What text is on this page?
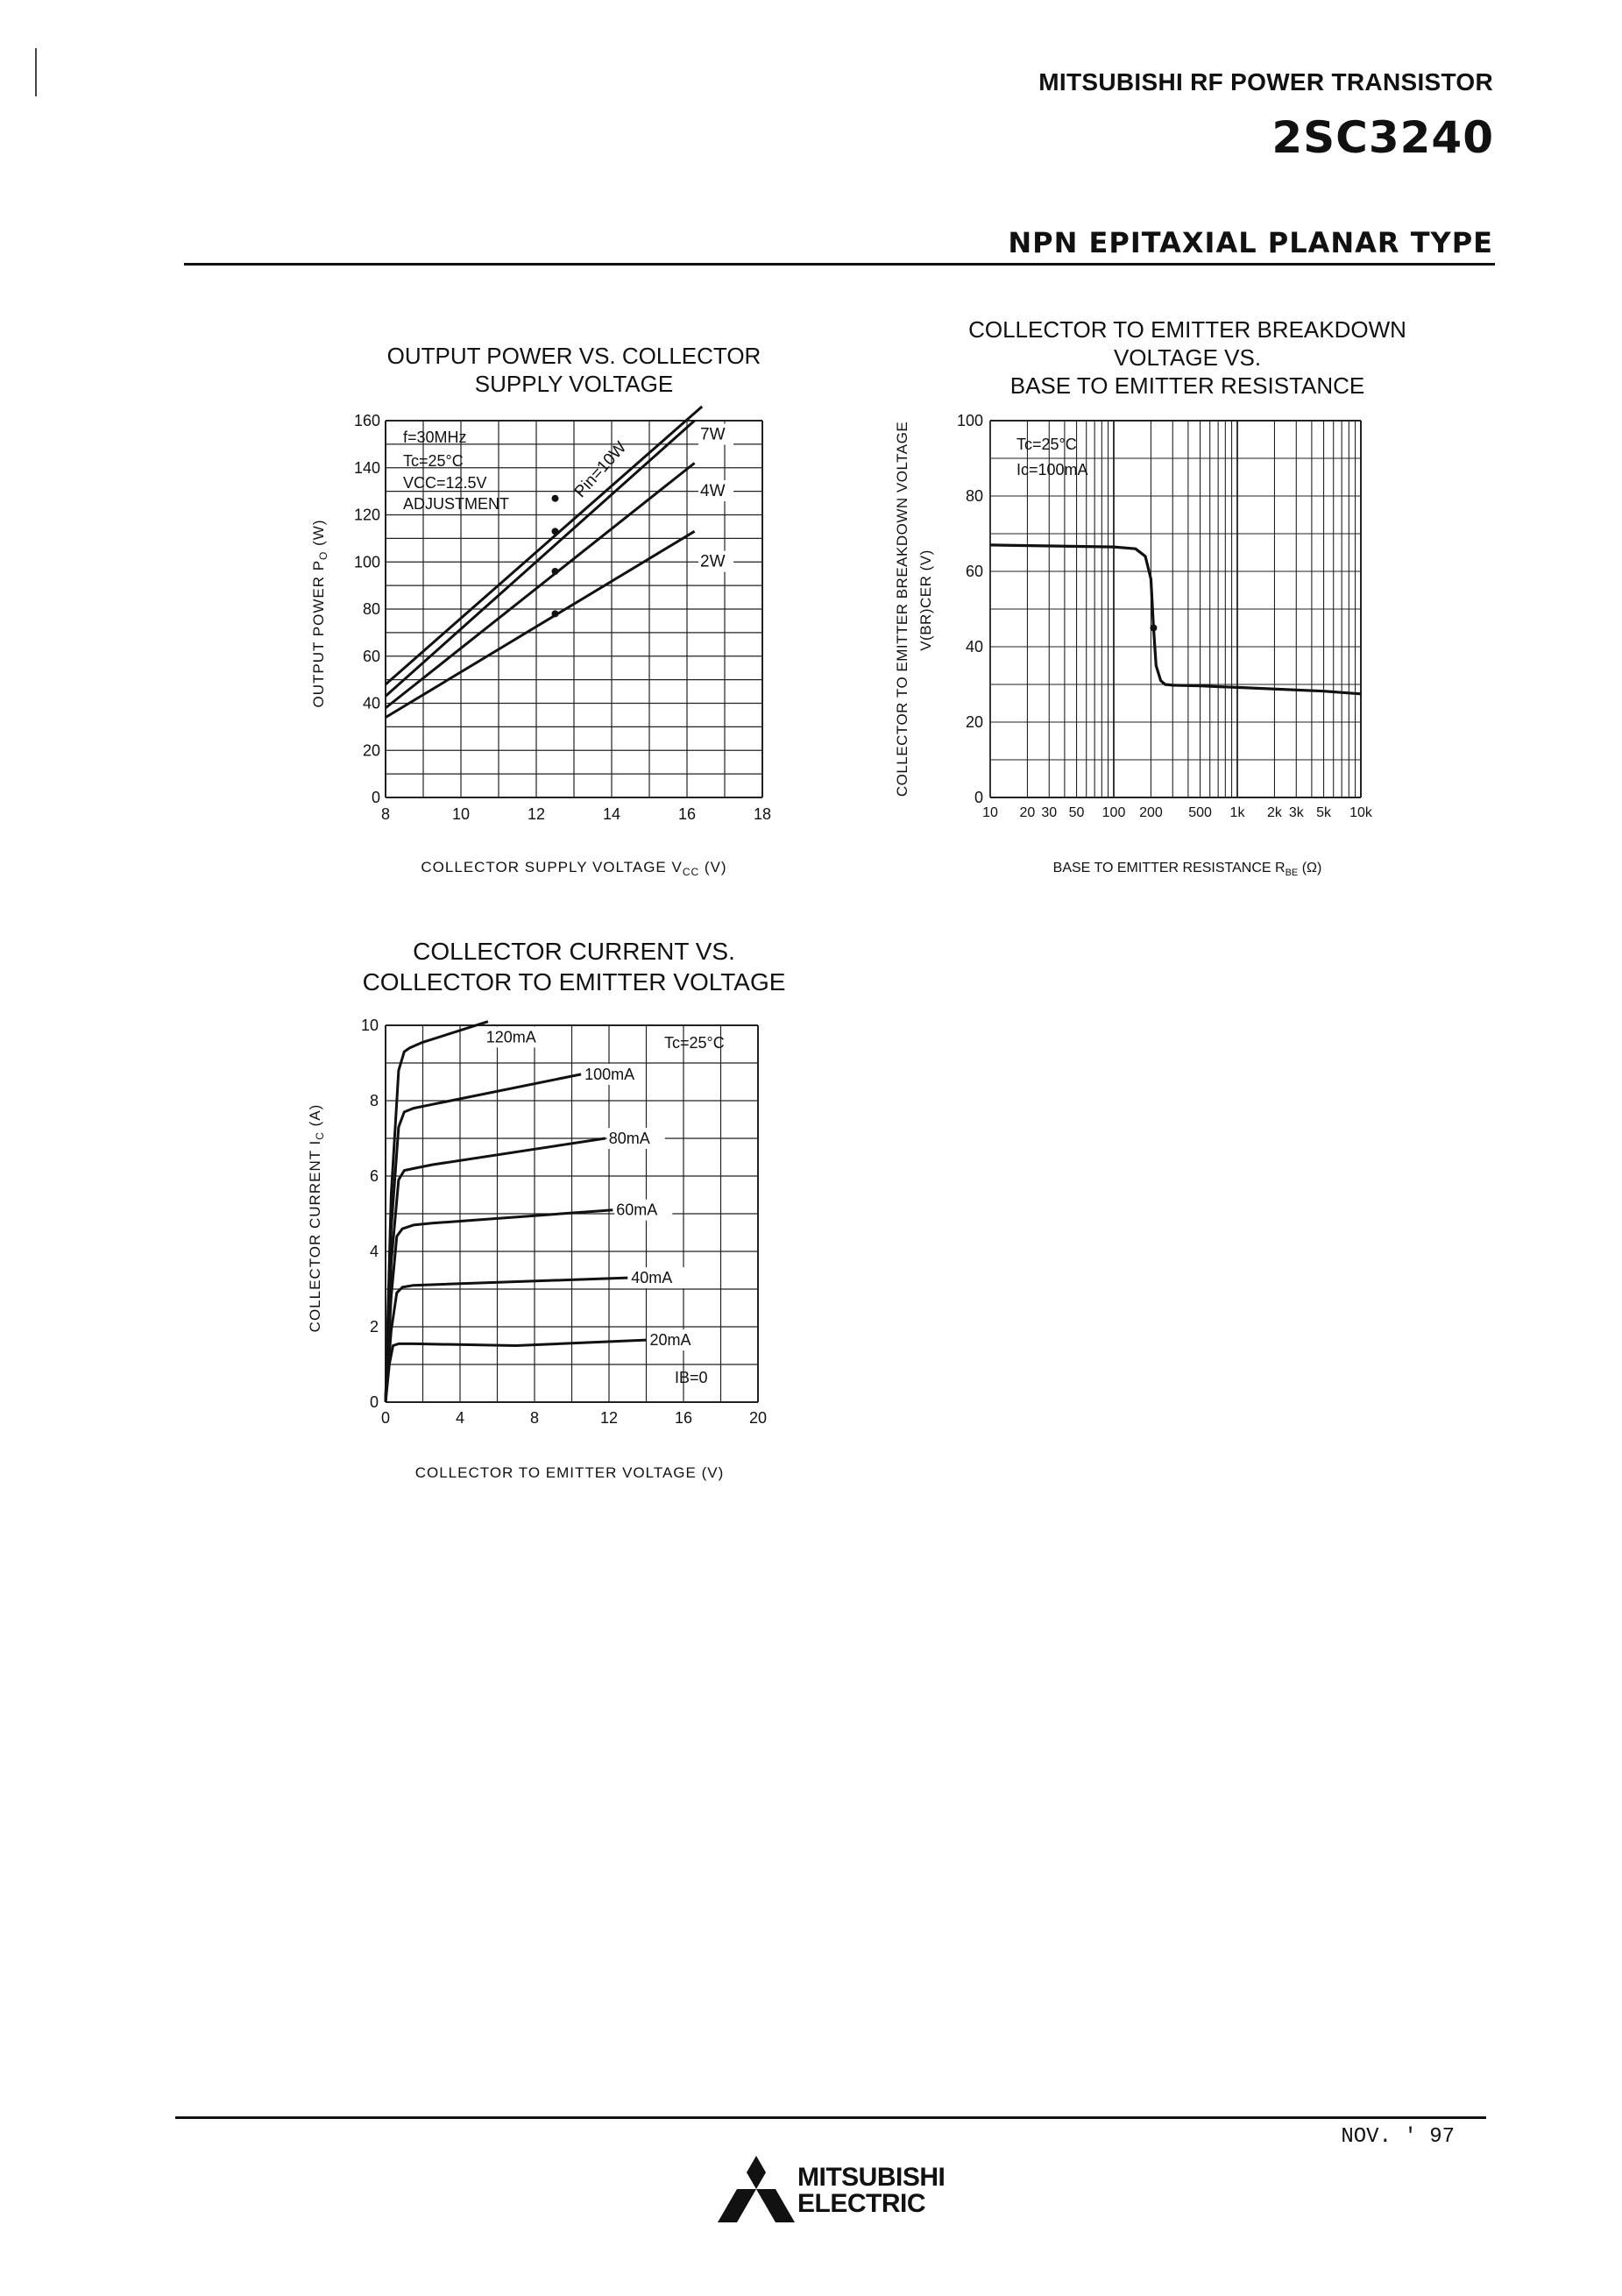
MITSUBISHI RF POWER TRANSISTOR
2SC3240
NPN EPITAXIAL PLANAR TYPE
OUTPUT POWER VS. COLLECTOR
SUPPLY VOLTAGE
8	10	12	14	16	18
0
20
40
60
80
100
120
140
160
Pin=10W
7W
4W
2W
COLLECTOR SUPPLY VOLTAGE $V_{CC}$ (V)
OUTPUT POWER $P_O$ (W)
f=30MHz
Tc=25°C
VCC=12.5V
ADJUSTMENT
COLLECTOR TO EMITTER BREAKDOWN
VOLTAGE VS.
BASE TO EMITTER RESISTANCE
10 20 30 50 100 200 500 1k 2k 3k 5k 10k
0
20
40
60
80
100
BASE TO EMITTER RESISTANCE $R_{BE}$ (Ω)
COLLECTOR TO EMITTER BREAKDOWN VOLTAGE V(BR)CER (V)
Tc=25°C
Ic=100mA
COLLECTOR CURRENT VS.
COLLECTOR TO EMITTER VOLTAGE
0	4	8	12	16	20
0
2
4
6
8
10
120mA
100mA
80mA
60mA
40mA
20mA
COLLECTOR TO EMITTER VOLTAGE (V)
COLLECTOR CURRENT $I_C$ (A)
Tc=25°C
IB=0
NOV. ' 97
MITSUBISHI
ELECTRIC
